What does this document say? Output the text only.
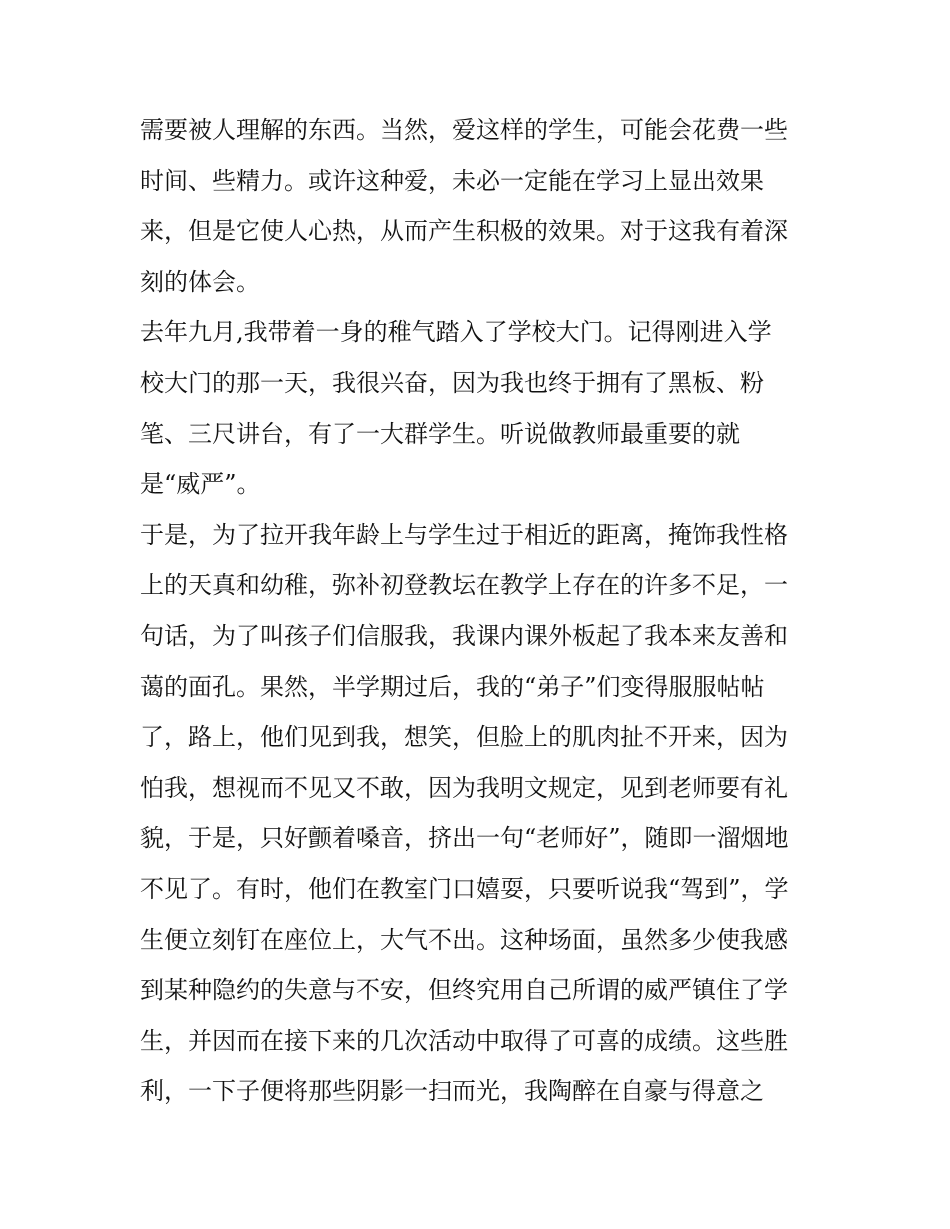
需要被人理解的东西。当然，爱这样的学生，可能会花费一些
时间、些精力。或许这种爱，未必一定能在学习上显出效果
来，但是它使人心热，从而产生积极的效果。对于这我有着深
刻的体会。
去年九月,我带着一身的稚气踏入了学校大门。记得刚进入学
校大门的那一天，我很兴奋，因为我也终于拥有了黑板、粉
笔、三尺讲台，有了一大群学生。听说做教师最重要的就
是“威严”。
于是，为了拉开我年龄上与学生过于相近的距离，掩饰我性格
上的天真和幼稚，弥补初登教坛在教学上存在的许多不足，一
句话，为了叫孩子们信服我，我课内课外板起了我本来友善和
蔼的面孔。果然，半学期过后，我的“弟子”们变得服服帖帖
了，路上，他们见到我，想笑，但脸上的肌肉扯不开来，因为
怕我，想视而不见又不敢，因为我明文规定，见到老师要有礼
貌，于是，只好颤着嗓音，挤出一句“老师好”，随即一溜烟地
不见了。有时，他们在教室门口嬉耍，只要听说我“驾到”，学
生便立刻钉在座位上，大气不出。这种场面，虽然多少使我感
到某种隐约的失意与不安，但终究用自己所谓的威严镇住了学
生，并因而在接下来的几次活动中取得了可喜的成绩。这些胜
利，一下子便将那些阴影一扫而光，我陶醉在自豪与得意之
